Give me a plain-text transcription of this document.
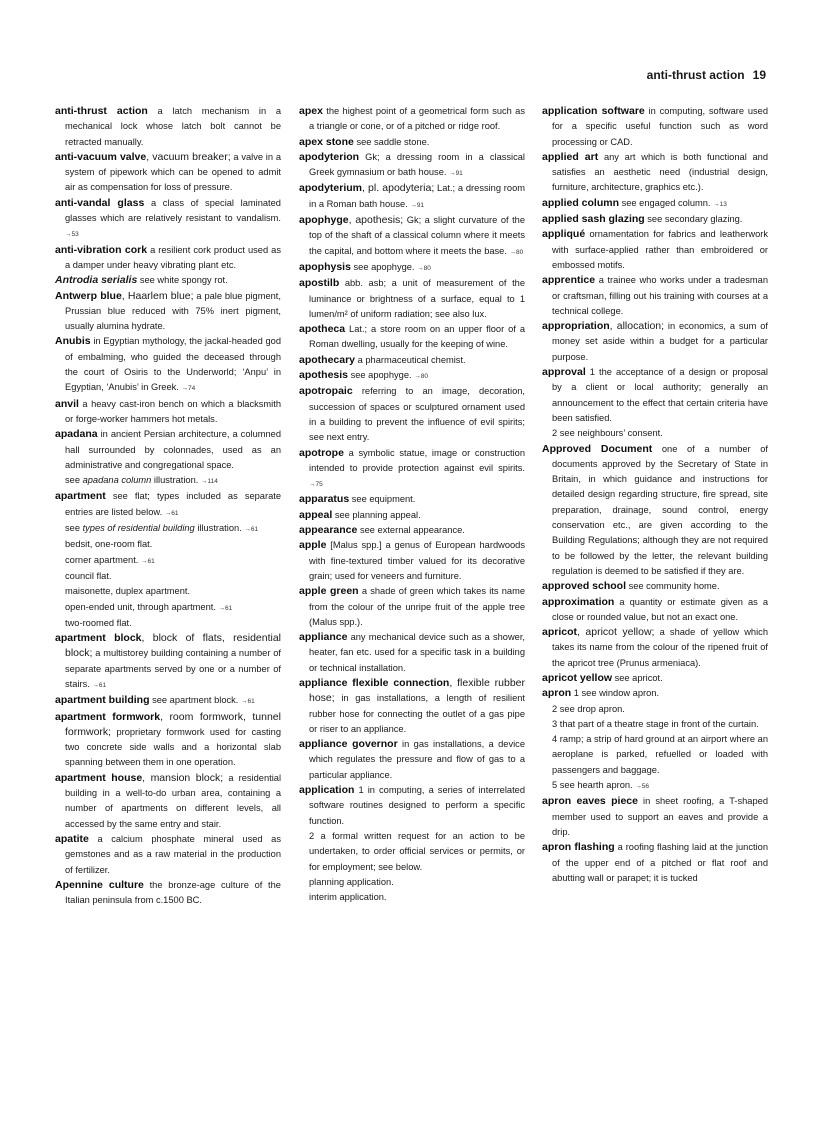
anti-thrust action 19

anti-thrust action a latch mechanism in a mechanical lock whose latch bolt cannot be retracted manually.

anti-vacuum valve, vacuum breaker; a valve in a system of pipework which can be opened to admit air as compensation for loss of pressure.

anti-vandal glass a class of special laminated glasses which are relatively resistant to vandalism. →53

anti-vibration cork a resilient cork product used as a damper under heavy vibrating plant etc.

Antrodia serialis see white spongy rot.

Antwerp blue, Haarlem blue; a pale blue pigment, Prussian blue reduced with 75% inert pigment, usually alumina hydrate.

Anubis in Egyptian mythology, the jackal-headed god of embalming, who guided the deceased through the court of Osiris to the Underworld; ‘Anpu’ in Egyptian, ‘Anubis’ in Greek. →74

anvil a heavy cast-iron bench on which a blacksmith or forge-worker hammers hot metals.

apadana in ancient Persian architecture, a columned hall surrounded by colonnades, used as an administrative and congregational space.

see apadana column illustration. →114

apartment see flat; types included as separate entries are listed below. →61

see types of residential building illustration. →61

bedsit, one-room flat.

corner apartment. →61

council flat.

maisonette, duplex apartment.

open-ended unit, through apartment. →61

two-roomed flat.

apartment block, block of flats, residential block; a multistorey building containing a number of separate apartments served by one or a number of stairs. →61

apartment building see apartment block. →61

apartment formwork, room formwork, tunnel formwork; proprietary formwork used for casting two concrete side walls and a horizontal slab spanning between them in one operation.

apartment house, mansion block; a residential building in a well-to-do urban area, containing a number of apartments on different levels, all accessed by the same entry and stair.

apatite a calcium phosphate mineral used as gemstones and as a raw material in the production of fertilizer.

Apennine culture the bronze-age culture of the Italian peninsula from c.1500 BC.

apex the highest point of a geometrical form such as a triangle or cone, or of a pitched or ridge roof.

apex stone see saddle stone.

apodyterion Gk; a dressing room in a classical Greek gymnasium or bath house. →91

apodyterium, pl. apodyteria; Lat.; a dressing room in a Roman bath house. →91

apophyge, apothesis; Gk; a slight curvature of the top of the shaft of a classical column where it meets the capital, and bottom where it meets the base. →80

apophysis see apophyge. →80

apostilb abb. asb; a unit of measurement of the luminance or brightness of a surface, equal to 1 lumen/m² of uniform radiation; see also lux.

apotheca Lat.; a store room on an upper floor of a Roman dwelling, usually for the keeping of wine.

apothecary a pharmaceutical chemist.

apothesis see apophyge. →80

apotropaic referring to an image, decoration, succession of spaces or sculptured ornament used in a building to prevent the influence of evil spirits; see next entry.

apotrope a symbolic statue, image or construction intended to provide protection against evil spirits. →75

apparatus see equipment.

appeal see planning appeal.

appearance see external appearance.

apple [Malus spp.] a genus of European hardwoods with fine-textured timber valued for its decorative grain; used for veneers and furniture.

apple green a shade of green which takes its name from the colour of the unripe fruit of the apple tree (Malus spp.).

appliance any mechanical device such as a shower, heater, fan etc. used for a specific task in a building or technical installation.

appliance flexible connection, flexible rubber hose; in gas installations, a length of resilient rubber hose for connecting the outlet of a gas pipe or riser to an appliance.

appliance governor in gas installations, a device which regulates the pressure and flow of gas to a particular appliance.

application 1 in computing, a series of interrelated software routines designed to perform a specific function.

2 a formal written request for an action to be undertaken, to order official services or permits, or for employment; see below.

planning application.

interim application.

application software in computing, software used for a specific useful function such as word processing or CAD.

applied art any art which is both functional and satisfies an aesthetic need (industrial design, furniture, architecture, graphics etc.).

applied column see engaged column. →13

applied sash glazing see secondary glazing.

appliqué ornamentation for fabrics and leatherwork with surface-applied rather than embroidered or embossed motifs.

apprentice a trainee who works under a tradesman or craftsman, filling out his training with courses at a technical college.

appropriation, allocation; in economics, a sum of money set aside within a budget for a particular purpose.

approval 1 the acceptance of a design or proposal by a client or local authority; generally an announcement to the effect that certain criteria have been satisfied.

2 see neighbours’ consent.

Approved Document one of a number of documents approved by the Secretary of State in Britain, in which guidance and instructions for detailed design regarding structure, fire spread, site preparation, drainage, sound control, energy conservation etc., are given according to the Building Regulations; although they are not required to be followed by the letter, the relevant building regulation is deemed to be satisfied if they are.

approved school see community home.

approximation a quantity or estimate given as a close or rounded value, but not an exact one.

apricot, apricot yellow; a shade of yellow which takes its name from the colour of the ripened fruit of the apricot tree (Prunus armeniaca).

apricot yellow see apricot.

apron 1 see window apron.

2 see drop apron.

3 that part of a theatre stage in front of the curtain.

4 ramp; a strip of hard ground at an airport where an aeroplane is parked, refuelled or loaded with passengers and baggage.

5 see hearth apron. →56

apron eaves piece in sheet roofing, a T-shaped member used to support an eaves and provide a drip.

apron flashing a roofing flashing laid at the junction of the upper end of a pitched or flat roof and abutting wall or parapet; it is tucked
